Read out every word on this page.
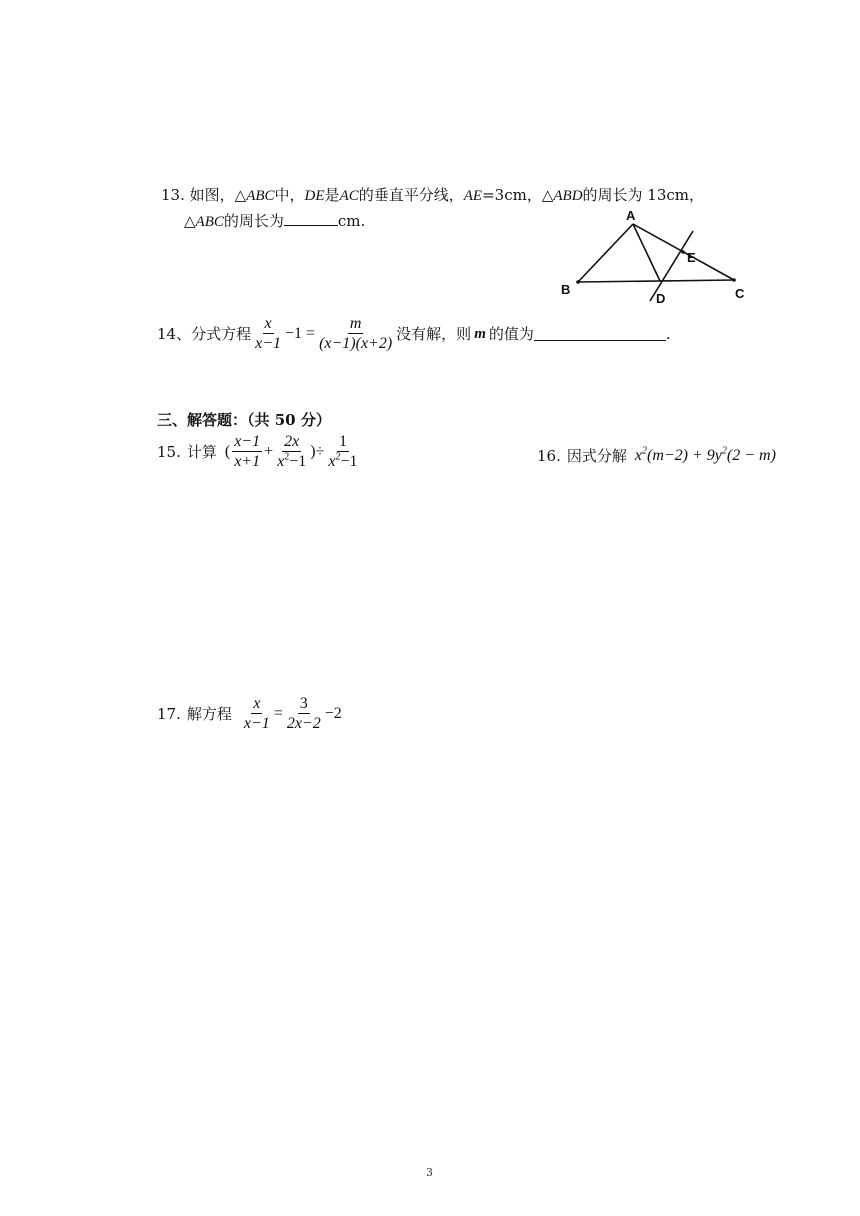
13. 如图，△ABC中，DE是AC的垂直平分线，AE=3cm，△ABD的周长为 13cm，
△ABC的周长为	cm.	A
B	C
D
E
14、 分式方程 $\frac{x}{x-1} -1 = \frac{m}{(x-1)(x+2)}$ 没有解，则 m 的值为	.
三、解答题：（共 50 分）
15. 计算 ( $\frac{x-1}{x+1} + \frac{2x}{x^2-1}$ )÷ $\frac{1}{x^2-1}$	16. 因式分解 $x^2(m-2) + 9y^2(2 - m)$
17. 解方程 $\frac{x}{x-1} = \frac{3}{2x-2} -2$
3
